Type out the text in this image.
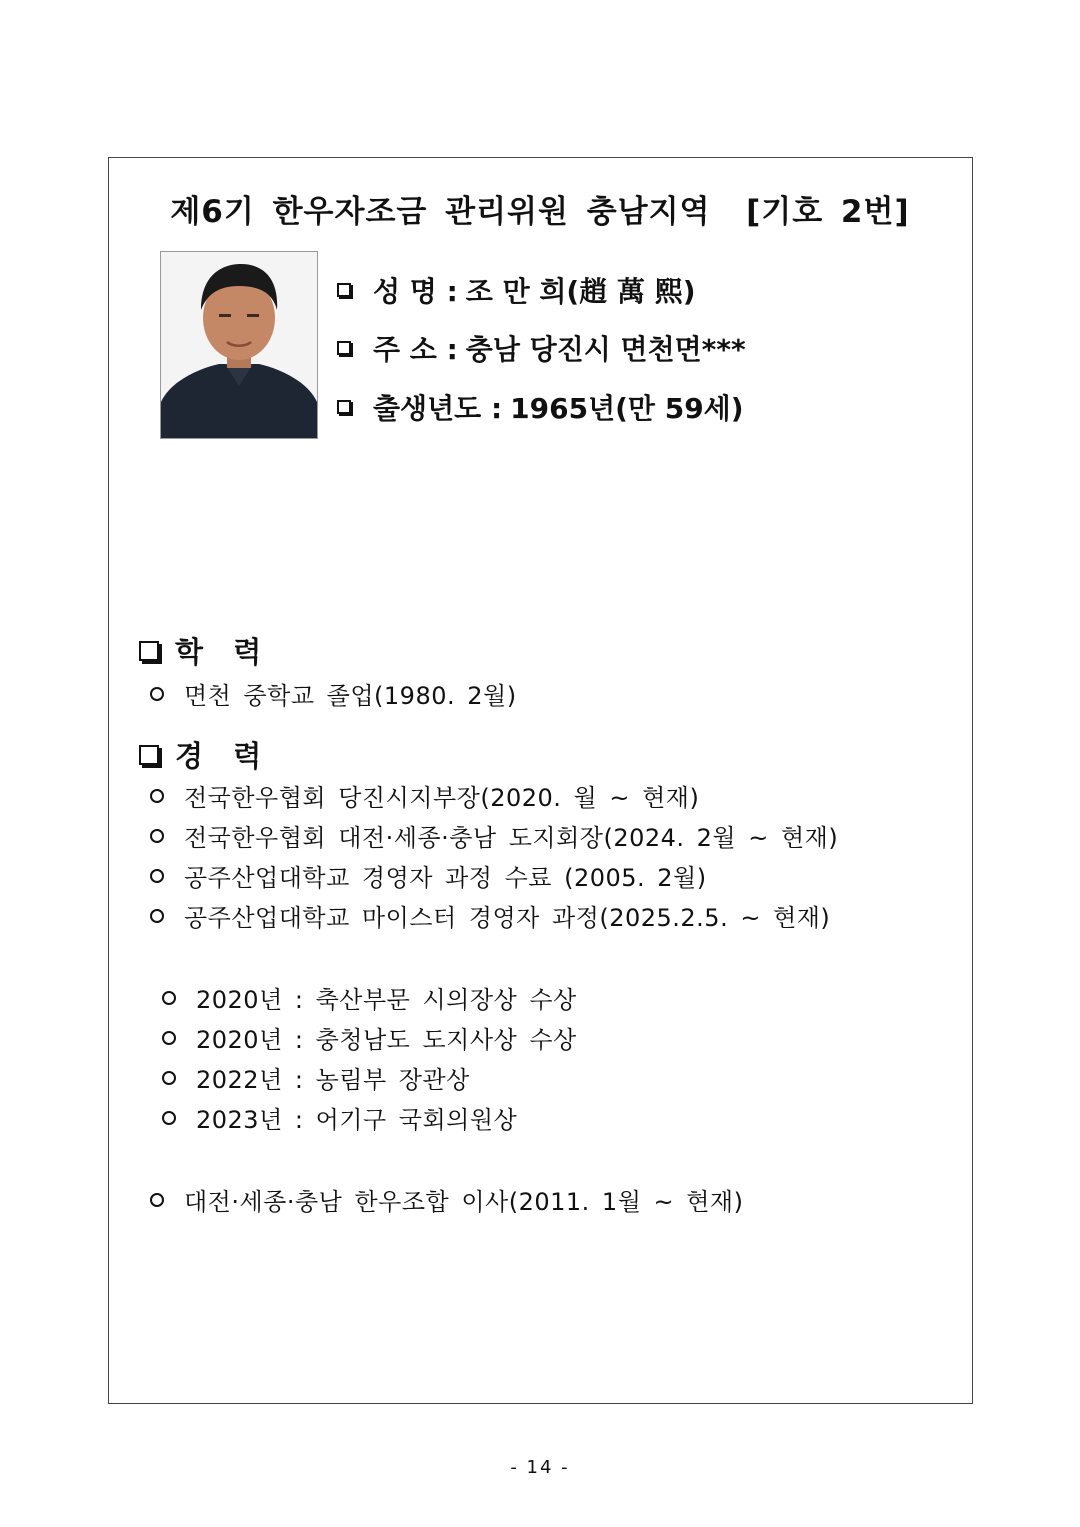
제6기 한우자조금 관리위원 충남지역  [기호 2번]
성 명 : 조 만 희(趙 萬 熙)
주 소 : 충남 당진시 면천면***
출생년도 : 1965년(만 59세)
학   력
면천 중학교 졸업(1980. 2월)
경   력
전국한우협회 당진시지부장(2020. 월 ~ 현재)
전국한우협회 대전·세종·충남 도지회장(2024. 2월 ~ 현재)
공주산업대학교 경영자 과정 수료 (2005. 2월)
공주산업대학교 마이스터 경영자 과정(2025.2.5. ~ 현재)
2020년 : 축산부문 시의장상 수상
2020년 : 충청남도 도지사상 수상
2022년 : 농림부 장관상
2023년 : 어기구 국회의원상
대전·세종·충남 한우조합 이사(2011. 1월 ~ 현재)
- 14 -
